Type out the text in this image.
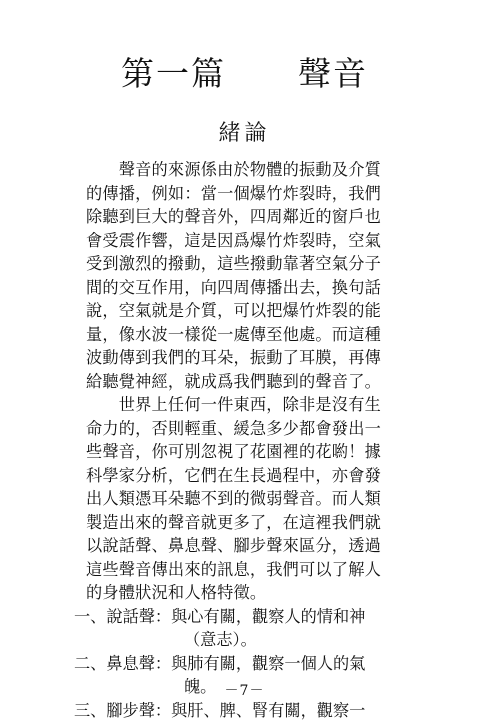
第一篇 聲音
緒論
　　聲音的來源係由於物體的振動及介質
的傳播，例如：當一個爆竹炸裂時，我們
除聽到巨大的聲音外，四周鄰近的窗戶也
會受震作響，這是因爲爆竹炸裂時，空氣
受到激烈的撥動，這些撥動靠著空氣分子
間的交互作用，向四周傳播出去，換句話
說，空氣就是介質，可以把爆竹炸裂的能
量，像水波一樣從一處傳至他處。而這種
波動傳到我們的耳朵，振動了耳膜，再傳
給聽覺神經，就成爲我們聽到的聲音了。
　　世界上任何一件東西，除非是沒有生
命力的，否則輕重、緩急多少都會發出一
些聲音，你可別忽視了花園裡的花喲！據
科學家分析，它們在生長過程中，亦會發
出人類憑耳朵聽不到的微弱聲音。而人類
製造出來的聲音就更多了，在這裡我們就
以說話聲、鼻息聲、腳步聲來區分，透過
這些聲音傳出來的訊息，我們可以了解人
的身體狀況和人格特徵。
一、說話聲：與心有關，觀察人的情和神
（意志）。
二、鼻息聲：與肺有關，觀察一個人的氣
魄。
三、腳步聲：與肝、脾、腎有關，觀察一
－7－
